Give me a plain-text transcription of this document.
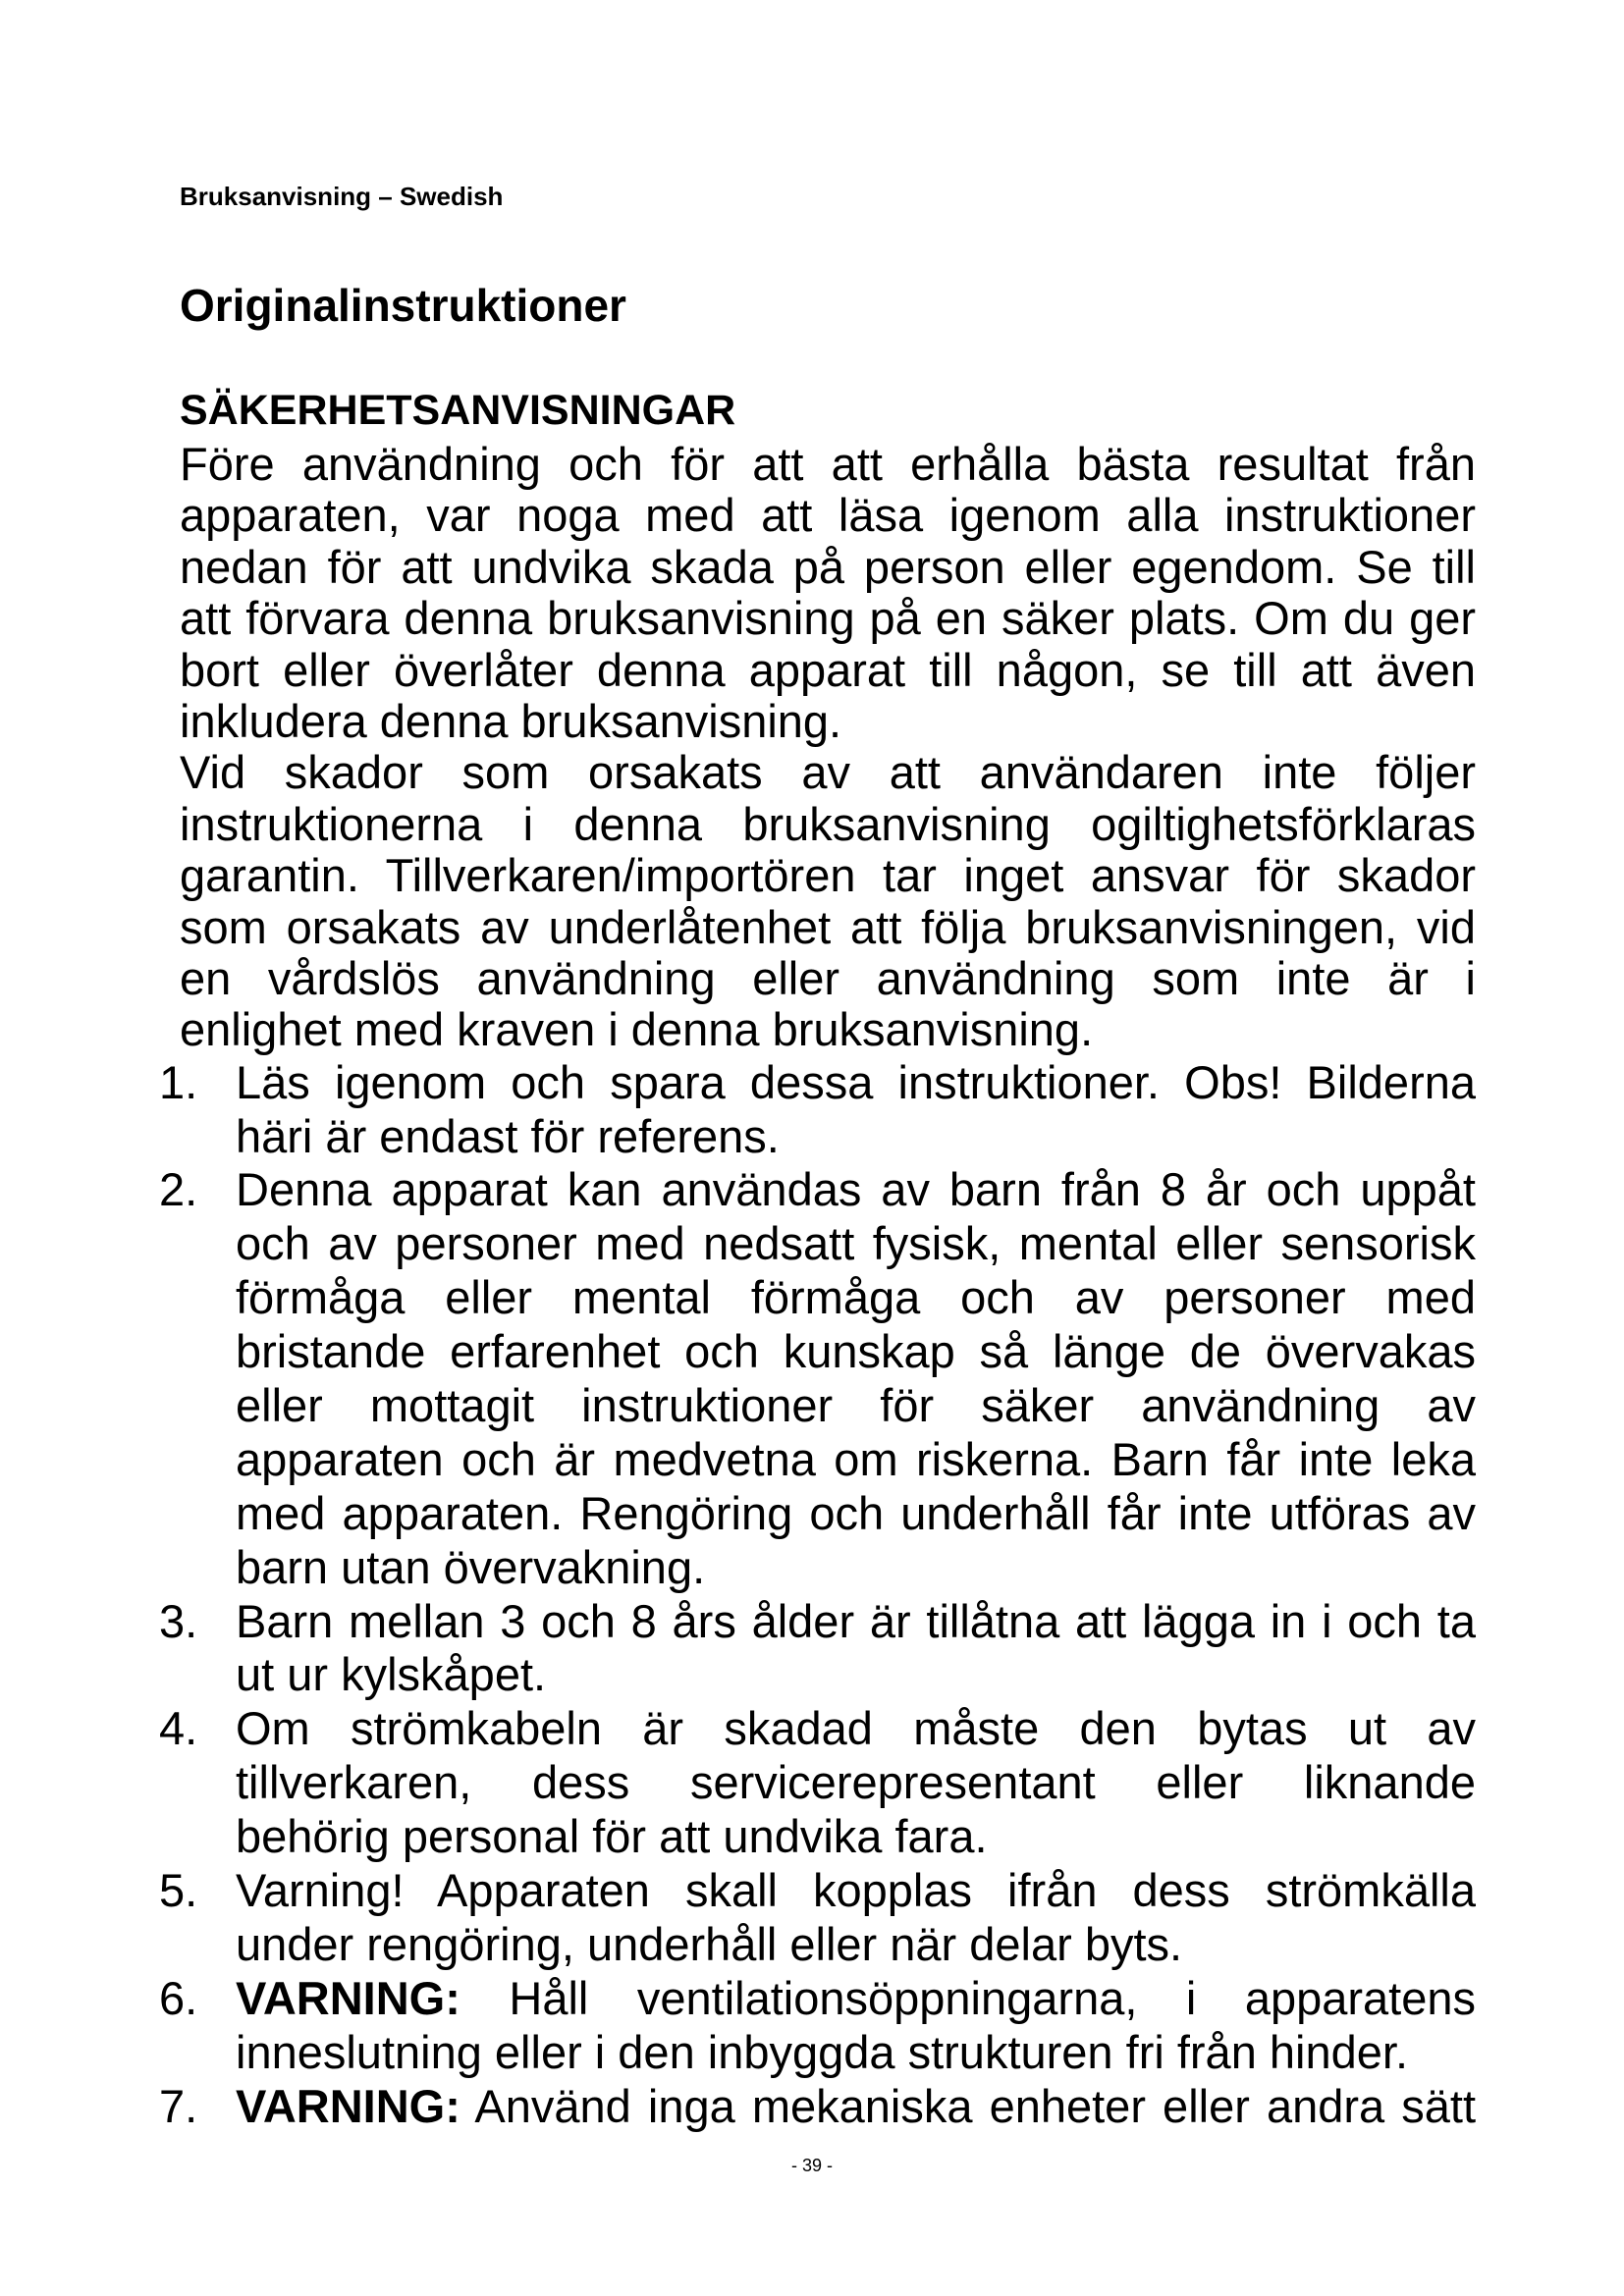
Bruksanvisning – Swedish
Originalinstruktioner
SÄKERHETSANVISNINGAR
Före användning och för att att erhålla bästa resultat från
apparaten, var noga med att läsa igenom alla instruktioner
nedan för att undvika skada på person eller egendom. Se till
att förvara denna bruksanvisning på en säker plats. Om du ger
bort eller överlåter denna apparat till någon, se till att även
inkludera denna bruksanvisning.
Vid skador som orsakats av att användaren inte följer
instruktionerna i denna bruksanvisning ogiltighetsförklaras
garantin. Tillverkaren/importören tar inget ansvar för skador
som orsakats av underlåtenhet att följa bruksanvisningen, vid
en vårdslös användning eller användning som inte är i
enlighet med kraven i denna bruksanvisning.
1. Läs igenom och spara dessa instruktioner. Obs! Bilderna
häri är endast för referens.
2. Denna apparat kan användas av barn från 8 år och uppåt
och av personer med nedsatt fysisk, mental eller sensorisk
förmåga eller mental förmåga och av personer med
bristande erfarenhet och kunskap så länge de övervakas
eller mottagit instruktioner för säker användning av
apparaten och är medvetna om riskerna. Barn får inte leka
med apparaten. Rengöring och underhåll får inte utföras av
barn utan övervakning.
3. Barn mellan 3 och 8 års ålder är tillåtna att lägga in i och ta
ut ur kylskåpet.
4. Om strömkabeln är skadad måste den bytas ut av
tillverkaren, dess servicerepresentant eller liknande
behörig personal för att undvika fara.
5. Varning! Apparaten skall kopplas ifrån dess strömkälla
under rengöring, underhåll eller när delar byts.
6. VARNING: Håll ventilationsöppningarna, i apparatens
inneslutning eller i den inbyggda strukturen fri från hinder.
7. VARNING: Använd inga mekaniska enheter eller andra sätt
- 39 -
